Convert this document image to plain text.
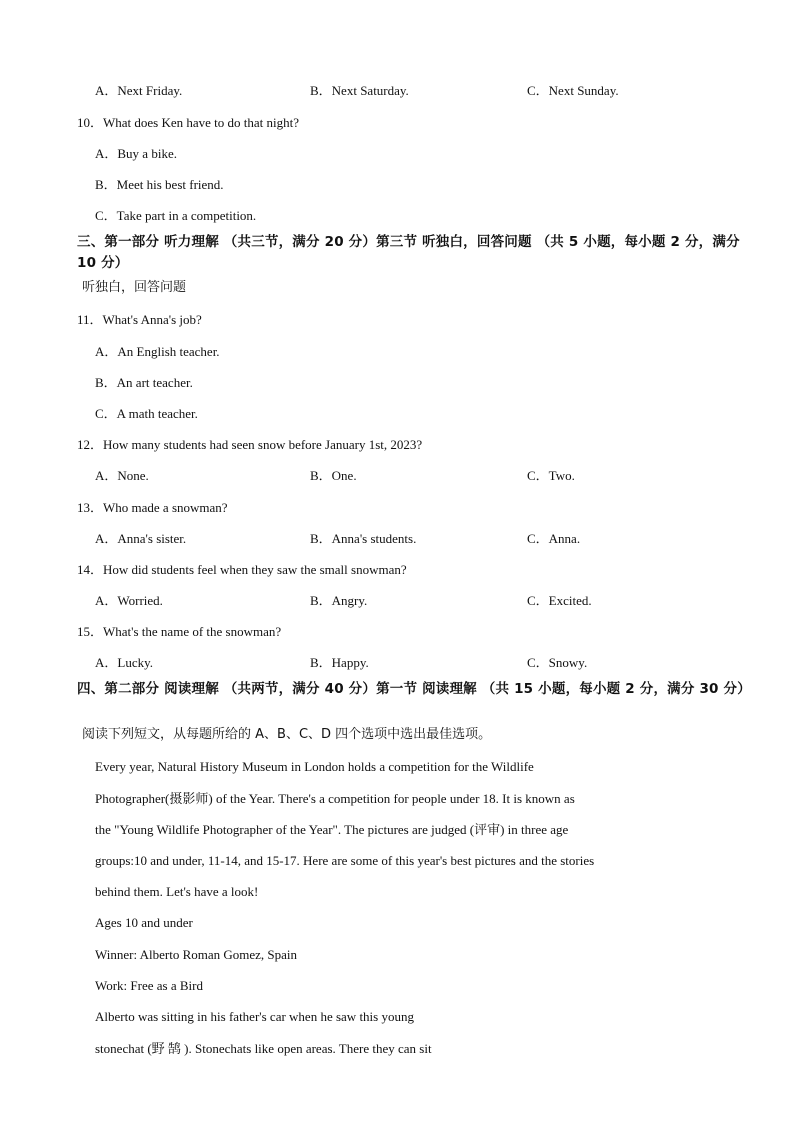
A．Next Friday.	B．Next Saturday.	C．Next Sunday.
10．What does Ken have to do that night?
A．Buy a bike.
B．Meet his best friend.
C．Take part in a competition.
三、第一部分 听力理解 （共三节，满分 20 分）第三节 听独白，回答问题 （共 5 小题，每小题 2 分，满分 10 分）
听独白，回答问题
11．What's Anna's job?
A．An English teacher.
B．An art teacher.
C．A math teacher.
12．How many students had seen snow before January 1st, 2023?
A．None.	B．One.	C．Two.
13．Who made a snowman?
A．Anna's sister.	B．Anna's students.	C．Anna.
14．How did students feel when they saw the small snowman?
A．Worried.	B．Angry.	C．Excited.
15．What's the name of the snowman?
A．Lucky.	B．Happy.	C．Snowy.
四、第二部分 阅读理解 （共两节，满分 40 分）第一节 阅读理解 （共 15 小题，每小题 2 分，满分 30 分）
阅读下列短文，从每题所给的 A、B、C、D 四个选项中选出最佳选项。
Every year, Natural History Museum in London holds a competition for the Wildlife
Photographer(摄影师) of the Year. There's a competition for people under 18. It is known as
the "Young Wildlife Photographer of the Year". The pictures are judged (评审) in three age
groups:10 and under, 11-14, and 15-17. Here are some of this year's best pictures and the stories
behind them. Let's have a look!
Ages 10 and under
Winner: Alberto Roman Gomez, Spain
Work: Free as a Bird
Alberto was sitting in his father's car when he saw this young
stonechat (野 鹄 ). Stonechats like open areas. There they can sit
